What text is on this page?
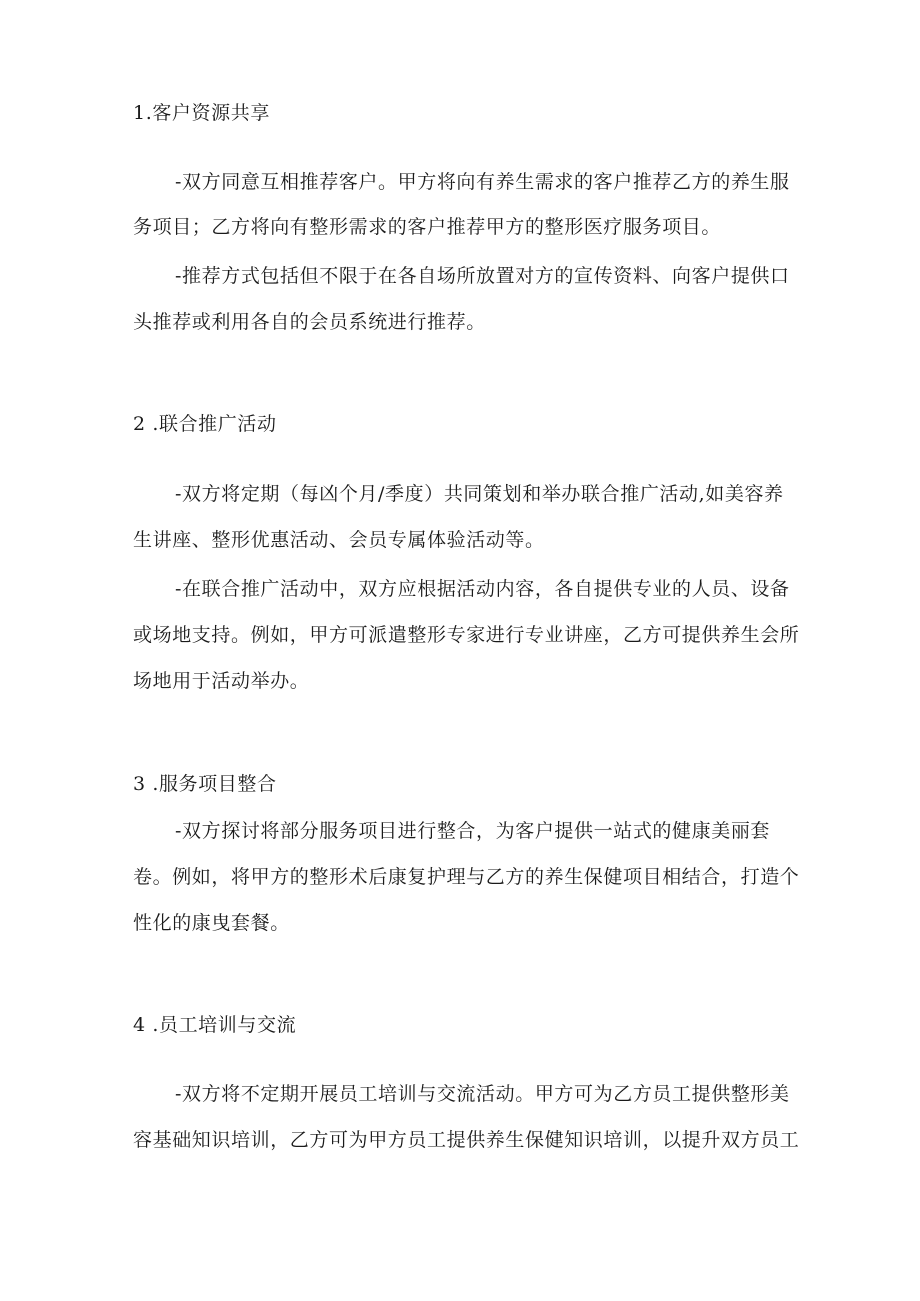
1.客户资源共享
-双方同意互相推荐客户。甲方将向有养生需求的客户推荐乙方的养生服
务项目；乙方将向有整形需求的客户推荐甲方的整形医疗服务项目。
-推荐方式包括但不限于在各自场所放置对方的宣传资料、向客户提供口
头推荐或利用各自的会员系统进行推荐。
2 .联合推广活动
-双方将定期（每凶个月/季度）共同策划和举办联合推广活动,如美容养
生讲座、整形优惠活动、会员专属体验活动等。
-在联合推广活动中，双方应根据活动内容，各自提供专业的人员、设备
或场地支持。例如，甲方可派遣整形专家进行专业讲座，乙方可提供养生会所
场地用于活动举办。
3 .服务项目整合
-双方探讨将部分服务项目进行整合，为客户提供一站式的健康美丽套
卷。例如，将甲方的整形术后康复护理与乙方的养生保健项目相结合，打造个
性化的康曳套餐。
4 .员工培训与交流
-双方将不定期开展员工培训与交流活动。甲方可为乙方员工提供整形美
容基础知识培训，乙方可为甲方员工提供养生保健知识培训，以提升双方员工
